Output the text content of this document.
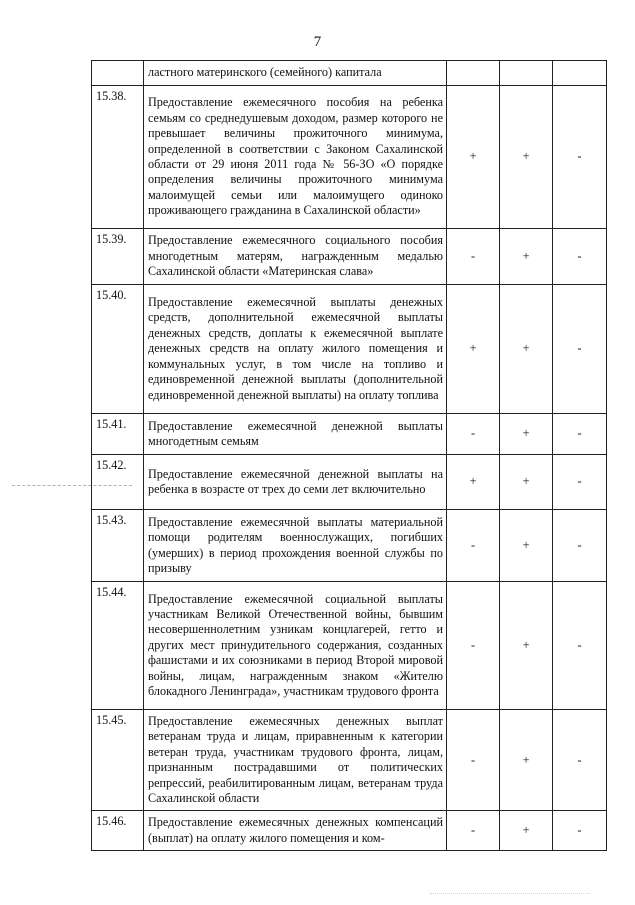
7
	ластного материнского (семейного) капитала			
15.38.	Предоставление ежемесячного пособия на ребенка семьям со среднедушевым доходом, размер которого не превышает величины прожиточного минимума, определенной в соответствии с Законом Сахалинской области от 29 июня 2011 года № 56-ЗО «О порядке определения величины прожиточного минимума малоимущей семьи или малоимущего одиноко проживающего гражданина в Сахалинской области»	+	+	-
15.39.	Предоставление ежемесячного социального пособия многодетным матерям, награжденным медалью Сахалинской области «Материнская слава»	-	+	-
15.40.	Предоставление ежемесячной выплаты денежных средств, дополнительной ежемесячной выплаты денежных средств, доплаты к ежемесячной выплате денежных средств на оплату жилого помещения и коммунальных услуг, в том числе на топливо и единовременной денежной выплаты (дополнительной единовременной денежной выплаты) на оплату топлива	+	+	-
15.41.	Предоставление ежемесячной денежной выплаты многодетным семьям	-	+	-
15.42.	Предоставление ежемесячной денежной выплаты на ребенка в возрасте от трех до семи лет включительно	+	+	-
15.43.	Предоставление ежемесячной выплаты материальной помощи родителям военнослужащих, погибших (умерших) в период прохождения военной службы по призыву	-	+	-
15.44.	Предоставление ежемесячной социальной выплаты участникам Великой Отечественной войны, бывшим несовершеннолетним узникам концлагерей, гетто и других мест принудительного содержания, созданных фашистами и их союзниками в период Второй мировой войны, лицам, награжденным знаком «Жителю блокадного Ленинграда», участникам трудового фронта	-	+	-
15.45.	Предоставление ежемесячных денежных выплат ветеранам труда и лицам, приравненным к категории ветеран труда, участникам трудового фронта, лицам, признанным пострадавшими от политических репрессий, реабилитированным лицам, ветеранам труда Сахалинской области	-	+	-
15.46.	Предоставление ежемесячных денежных компенсаций (выплат) на оплату жилого помещения и ком-	-	+	-
